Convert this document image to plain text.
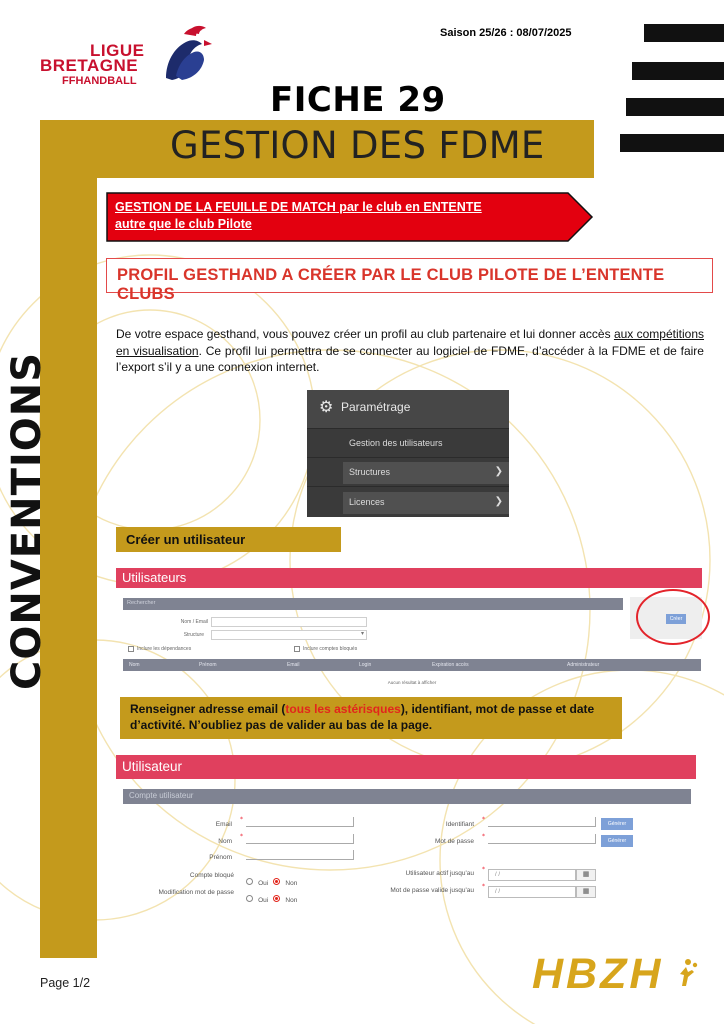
LIGUE
BRETAGNE
FFHANDBALL
Saison 25/26 : 08/07/2025
FICHE 29
GESTION DES FDME
CONVENTIONS
GESTION DE LA FEUILLE DE MATCH par le club en ENTENTE
autre que le club Pilote
PROFIL GESTHAND A CRÉER PAR LE CLUB PILOTE DE L’ENTENTE CLUBS
De votre espace gesthand, vous pouvez créer un profil au club partenaire et lui donner accès aux compétitions en visualisation. Ce profil lui permettra de se connecter au logiciel de FDME, d’accéder à la FDME et de faire l’export s’il y a une connexion internet.
⚙ Paramétrage
Gestion des utilisateurs
Structures	❯
Licences	❯
Créer un utilisateur
Utilisateurs
Rechercher
Nom / Email
Structure	▾
Inclure les dépendances	Inclure comptes bloqués
Créer
Nom	Prénom	Email	Login	Expiration accès	Administrateur
Aucun résultat à afficher
Renseigner adresse email (tous les astérisques), identifiant, mot de passe et date d’activité. N’oubliez pas de valider au bas de la page.
Utilisateur
Compte utilisateur
Email
*
Nom
*
Prénom
Compte bloqué
Oui	Non
Modification mot de passe
Oui	Non
Identifiant
*
Générer
Mot de passe
*
Générer
Utilisateur actif jusqu'au
*
/ /	▦
Mot de passe valide jusqu'au
*
/ /	▦
Page 1/2	HBZH
